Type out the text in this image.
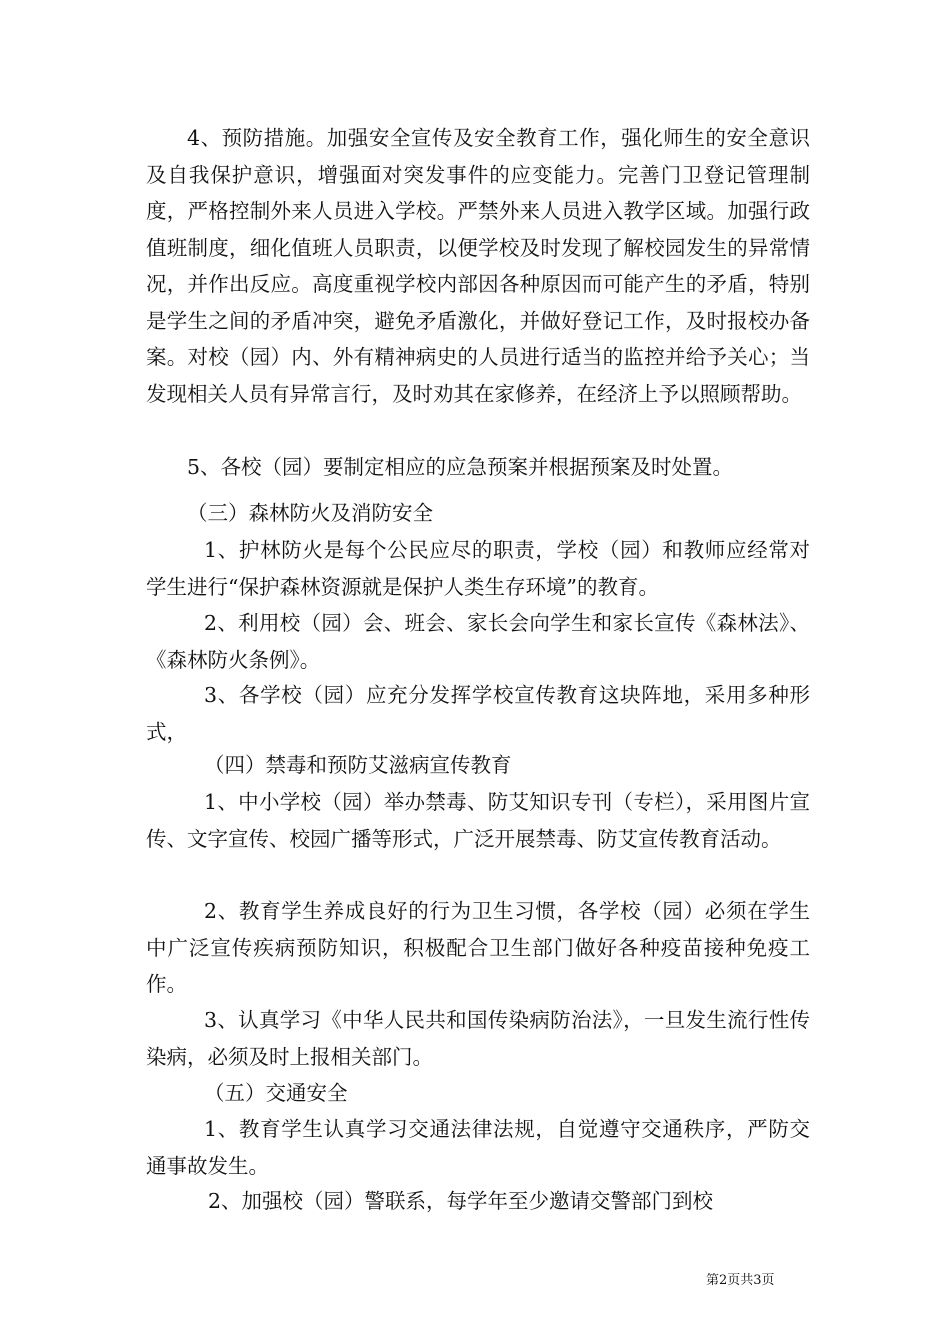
4、预防措施。加强安全宣传及安全教育工作，强化师生的安全意识及自我保护意识，增强面对突发事件的应变能力。完善门卫登记管理制度，严格控制外来人员进入学校。严禁外来人员进入教学区域。加强行政值班制度，细化值班人员职责，以便学校及时发现了解校园发生的异常情况，并作出反应。高度重视学校内部因各种原因而可能产生的矛盾，特别是学生之间的矛盾冲突，避免矛盾激化，并做好登记工作，及时报校办备案。对校（园）内、外有精神病史的人员进行适当的监控并给予关心；当发现相关人员有异常言行，及时劝其在家修养，在经济上予以照顾帮助。

5、各校（园）要制定相应的应急预案并根据预案及时处置。

（三）森林防火及消防安全

1、护林防火是每个公民应尽的职责，学校（园）和教师应经常对学生进行“保护森林资源就是保护人类生存环境”的教育。

2、利用校（园）会、班会、家长会向学生和家长宣传《森林法》、《森林防火条例》。

3、各学校（园）应充分发挥学校宣传教育这块阵地，采用多种形式，

（四）禁毒和预防艾滋病宣传教育

1、中小学校（园）举办禁毒、防艾知识专刊（专栏），采用图片宣传、文字宣传、校园广播等形式，广泛开展禁毒、防艾宣传教育活动。

2、教育学生养成良好的行为卫生习惯，各学校（园）必须在学生中广泛宣传疾病预防知识，积极配合卫生部门做好各种疫苗接种免疫工作。

3、认真学习《中华人民共和国传染病防治法》，一旦发生流行性传染病，必须及时上报相关部门。

（五）交通安全

1、教育学生认真学习交通法律法规，自觉遵守交通秩序，严防交通事故发生。

2、加强校（园）警联系，每学年至少邀请交警部门到校

第2页共3页
